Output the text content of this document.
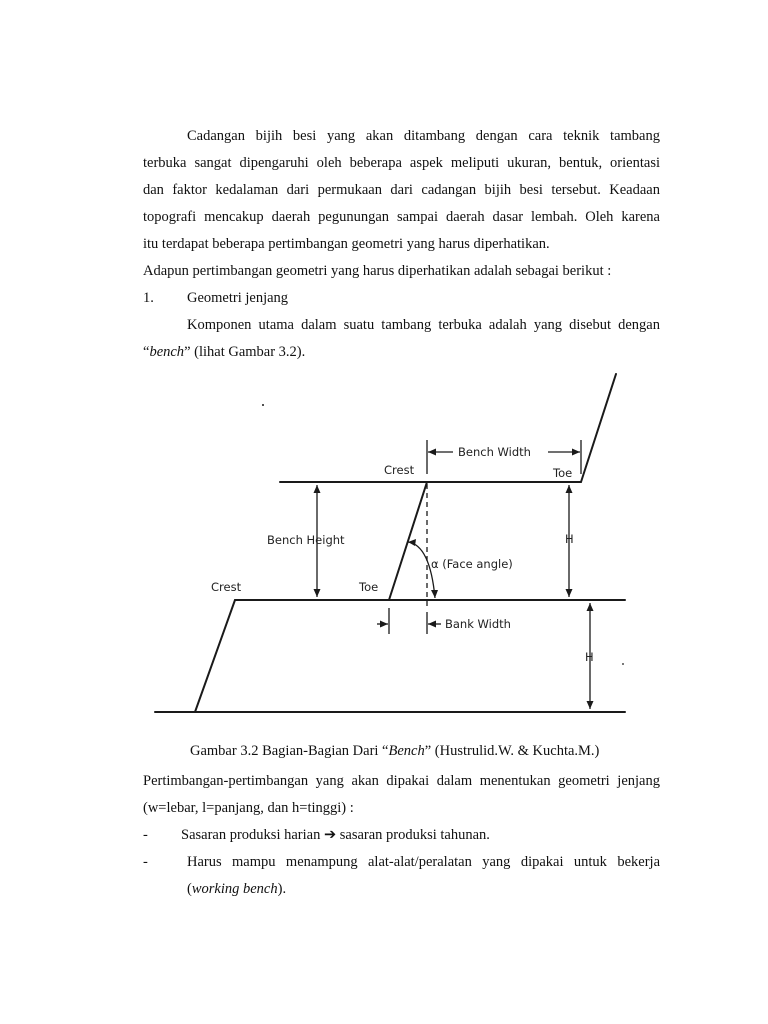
Cadangan bijih besi yang akan ditambang dengan cara teknik tambang
terbuka sangat dipengaruhi oleh beberapa aspek meliputi ukuran, bentuk, orientasi
dan faktor kedalaman dari permukaan dari cadangan bijih besi tersebut. Keadaan
topografi mencakup daerah pegunungan sampai daerah dasar lembah. Oleh karena
itu terdapat beberapa pertimbangan geometri yang harus diperhatikan.
Adapun pertimbangan geometri yang harus diperhatikan adalah sebagai berikut :
1. Geometri jenjang
Komponen utama dalam suatu tambang terbuka adalah yang disebut dengan
“bench” (lihat Gambar 3.2).
Bench Width
Crest	Toe
Bench Height	H
α (Face angle)
Crest	Toe
Bank Width
H
Gambar 3.2 Bagian-Bagian Dari “Bench” (Hustrulid.W. & Kuchta.M.)
Pertimbangan-pertimbangan yang akan dipakai dalam menentukan geometri jenjang
(w=lebar, l=panjang, dan h=tinggi) :
- Sasaran produksi harian ➔ sasaran produksi tahunan.
-	Harus mampu menampung alat-alat/peralatan yang dipakai untuk bekerja
(working bench).
